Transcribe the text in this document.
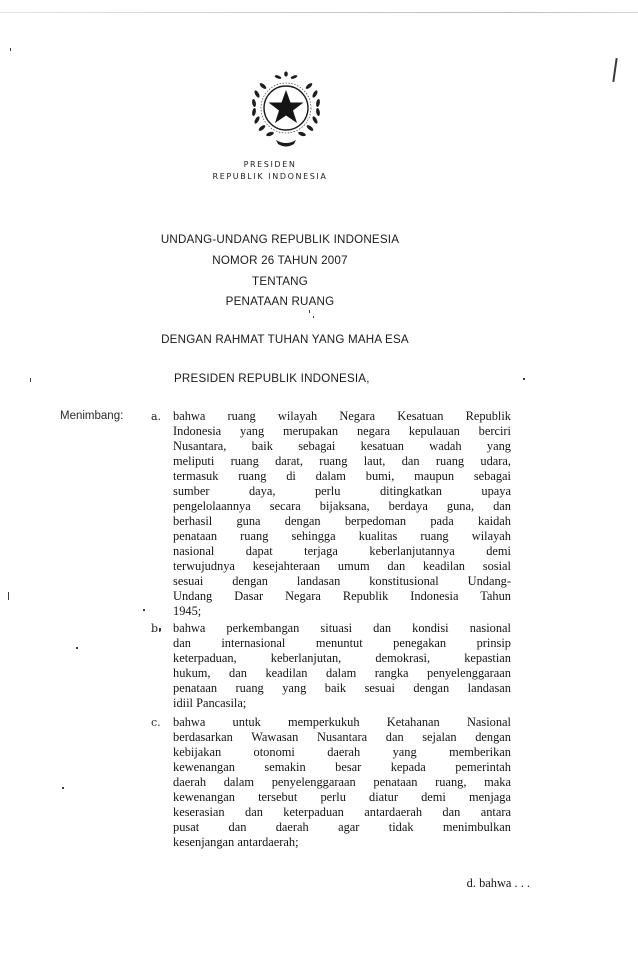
PRESIDEN
REPUBLIK INDONESIA
UNDANG-UNDANG REPUBLIK INDONESIA
NOMOR 26 TAHUN 2007
TENTANG
PENATAAN RUANG
DENGAN RAHMAT TUHAN YANG MAHA ESA
PRESIDEN REPUBLIK INDONESIA,
Menimbang:	a. bahwa ruang wilayah Negara Kesatuan Republik
Indonesia yang merupakan negara kepulauan berciri
Nusantara, baik sebagai kesatuan wadah yang
meliputi ruang darat, ruang laut, dan ruang udara,
termasuk ruang di dalam bumi, maupun sebagai
sumber daya, perlu ditingkatkan upaya
pengelolaannya secara bijaksana, berdaya guna, dan
berhasil guna dengan berpedoman pada kaidah
penataan ruang sehingga kualitas ruang wilayah
nasional dapat terjaga keberlanjutannya demi
terwujudnya kesejahteraan umum dan keadilan sosial
sesuai dengan landasan konstitusional Undang-
Undang Dasar Negara Republik Indonesia Tahun
1945;
b. bahwa perkembangan situasi dan kondisi nasional
dan internasional menuntut penegakan prinsip
keterpaduan, keberlanjutan, demokrasi, kepastian
hukum, dan keadilan dalam rangka penyelenggaraan
penataan ruang yang baik sesuai dengan landasan
idiil Pancasila;
c. bahwa untuk memperkukuh Ketahanan Nasional
berdasarkan Wawasan Nusantara dan sejalan dengan
kebijakan otonomi daerah yang memberikan
kewenangan semakin besar kepada pemerintah
daerah dalam penyelenggaraan penataan ruang, maka
kewenangan tersebut perlu diatur demi menjaga
keserasian dan keterpaduan antardaerah dan antara
pusat dan daerah agar tidak menimbulkan
kesenjangan antardaerah;
d. bahwa . . .
